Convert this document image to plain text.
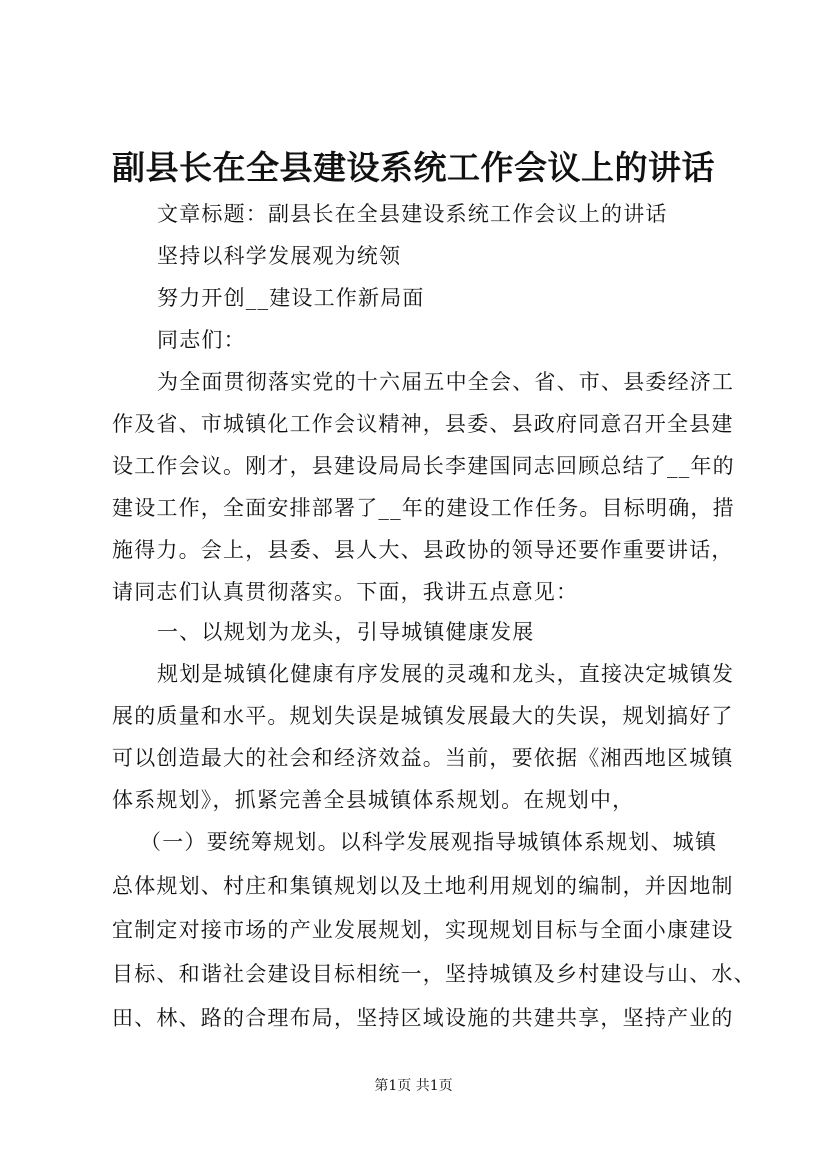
副县长在全县建设系统工作会议上的讲话
文章标题：副县长在全县建设系统工作会议上的讲话
坚持以科学发展观为统领
努力开创__建设工作新局面
同志们：
为全面贯彻落实党的十六届五中全会、省、市、县委经济工
作及省、市城镇化工作会议精神，县委、县政府同意召开全县建
设工作会议。刚才，县建设局局长李建国同志回顾总结了__年的
建设工作，全面安排部署了__年的建设工作任务。目标明确，措
施得力。会上，县委、县人大、县政协的领导还要作重要讲话，
请同志们认真贯彻落实。下面，我讲五点意见：
一、以规划为龙头，引导城镇健康发展
规划是城镇化健康有序发展的灵魂和龙头，直接决定城镇发
展的质量和水平。规划失误是城镇发展最大的失误，规划搞好了
可以创造最大的社会和经济效益。当前，要依据《湘西地区城镇
体系规划》，抓紧完善全县城镇体系规划。在规划中，
（一）要统筹规划。以科学发展观指导城镇体系规划、城镇
总体规划、村庄和集镇规划以及土地利用规划的编制，并因地制
宜制定对接市场的产业发展规划，实现规划目标与全面小康建设
目标、和谐社会建设目标相统一，坚持城镇及乡村建设与山、水、
田、林、路的合理布局，坚持区域设施的共建共享，坚持产业的
第1页 共1页
